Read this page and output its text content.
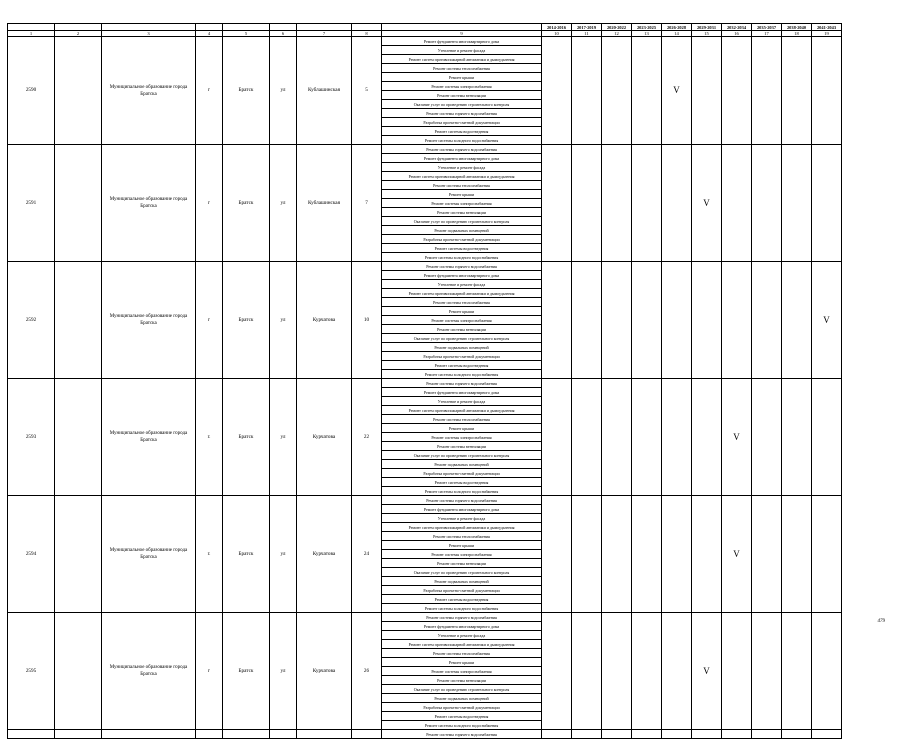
									2014-2016	2017-2019	2020-2022	2023-2025	2026-2028	2029-2031	2032-2034	2035-2037	2038-2040	2041-2043
1	2	3	4	5	6	7	8	9	10	11	12	13	14	15	16	17	18	19
2590		Муниципальное образование города Братска	г	Братск	ул	Кублашинская	5	Ремонт фундамента многоквартирного дома					V					
								Утепление и ремонт фасада										
								Ремонт систем противопожарной автоматики и дымоудаления										
								Ремонт системы теплоснабжения										
								Ремонт крыши										
								Ремонт системы электроснабжения										
								Ремонт системы вентиляции										
								Оказание услуг по проведению строительного контроля										
								Ремонт системы горячего водоснабжения										
								Разработка проектно-сметной документации										
								Ремонт системы водоотведения										
								Ремонт системы холодного водоснабжения										
2591		Муниципальное образование города Братска	г	Братск	ул	Кублашинская	7	Ремонт системы горячего водоснабжения						V				
								Ремонт фундамента многоквартирного дома										
								Утепление и ремонт фасада										
								Ремонт систем противопожарной автоматики и дымоудаления										
								Ремонт системы теплоснабжения										
								Ремонт крыши										
								Ремонт системы электроснабжения										
								Ремонт системы вентиляции										
								Оказание услуг по проведению строительного контроля										
								Ремонт подвальных помещений										
								Разработка проектно-сметной документации										
								Ремонт системы водоотведения										
								Ремонт системы холодного водоснабжения										
2592		Муниципальное образование города Братска	г	Братск	ул	Курчатова	10	Ремонт системы горячего водоснабжения										V
								Ремонт фундамента многоквартирного дома										
								Утепление и ремонт фасада										
								Ремонт систем противопожарной автоматики и дымоудаления										
								Ремонт системы теплоснабжения										
								Ремонт крыши										
								Ремонт системы электроснабжения										
								Ремонт системы вентиляции										
								Оказание услуг по проведению строительного контроля										
								Ремонт подвальных помещений										
								Разработка проектно-сметной документации										
								Ремонт системы водоотведения										
								Ремонт системы холодного водоснабжения										
2593		Муниципальное образование города Братска	г.	Братск	ул	Курчатова	22	Ремонт системы горячего водоснабжения							V			
								Ремонт фундамента многоквартирного дома										
								Утепление и ремонт фасада										
								Ремонт систем противопожарной автоматики и дымоудаления										
								Ремонт системы теплоснабжения										
								Ремонт крыши										
								Ремонт системы электроснабжения										
								Ремонт системы вентиляции										
								Оказание услуг по проведению строительного контроля										
								Ремонт подвальных помещений										
								Разработка проектно-сметной документации										
								Ремонт системы водоотведения										
								Ремонт системы холодного водоснабжения										
2594		Муниципальное образование города Братска	г.	Братск	ул	Курчатова	24	Ремонт системы горячего водоснабжения							V			
								Ремонт фундамента многоквартирного дома										
								Утепление и ремонт фасада										
								Ремонт систем противопожарной автоматики и дымоудаления										
								Ремонт системы теплоснабжения										
								Ремонт крыши										
								Ремонт системы электроснабжения										
								Ремонт системы вентиляции										
								Оказание услуг по проведению строительного контроля										
								Ремонт подвальных помещений										
								Разработка проектно-сметной документации										
								Ремонт системы водоотведения										
								Ремонт системы холодного водоснабжения										
2595		Муниципальное образование города Братска	г	Братск	ул	Курчатова	26	Ремонт системы горячего водоснабжения						V				
								Ремонт фундамента многоквартирного дома										
								Утепление и ремонт фасада										
								Ремонт систем противопожарной автоматики и дымоудаления										
								Ремонт системы теплоснабжения										
								Ремонт крыши										
								Ремонт системы электроснабжения										
								Ремонт системы вентиляции										
								Оказание услуг по проведению строительного контроля										
								Ремонт подвальных помещений										
								Разработка проектно-сметной документации										
								Ремонт системы водоотведения										
								Ремонт системы холодного водоснабжения										
								Ремонт системы горячего водоснабжения										
479
